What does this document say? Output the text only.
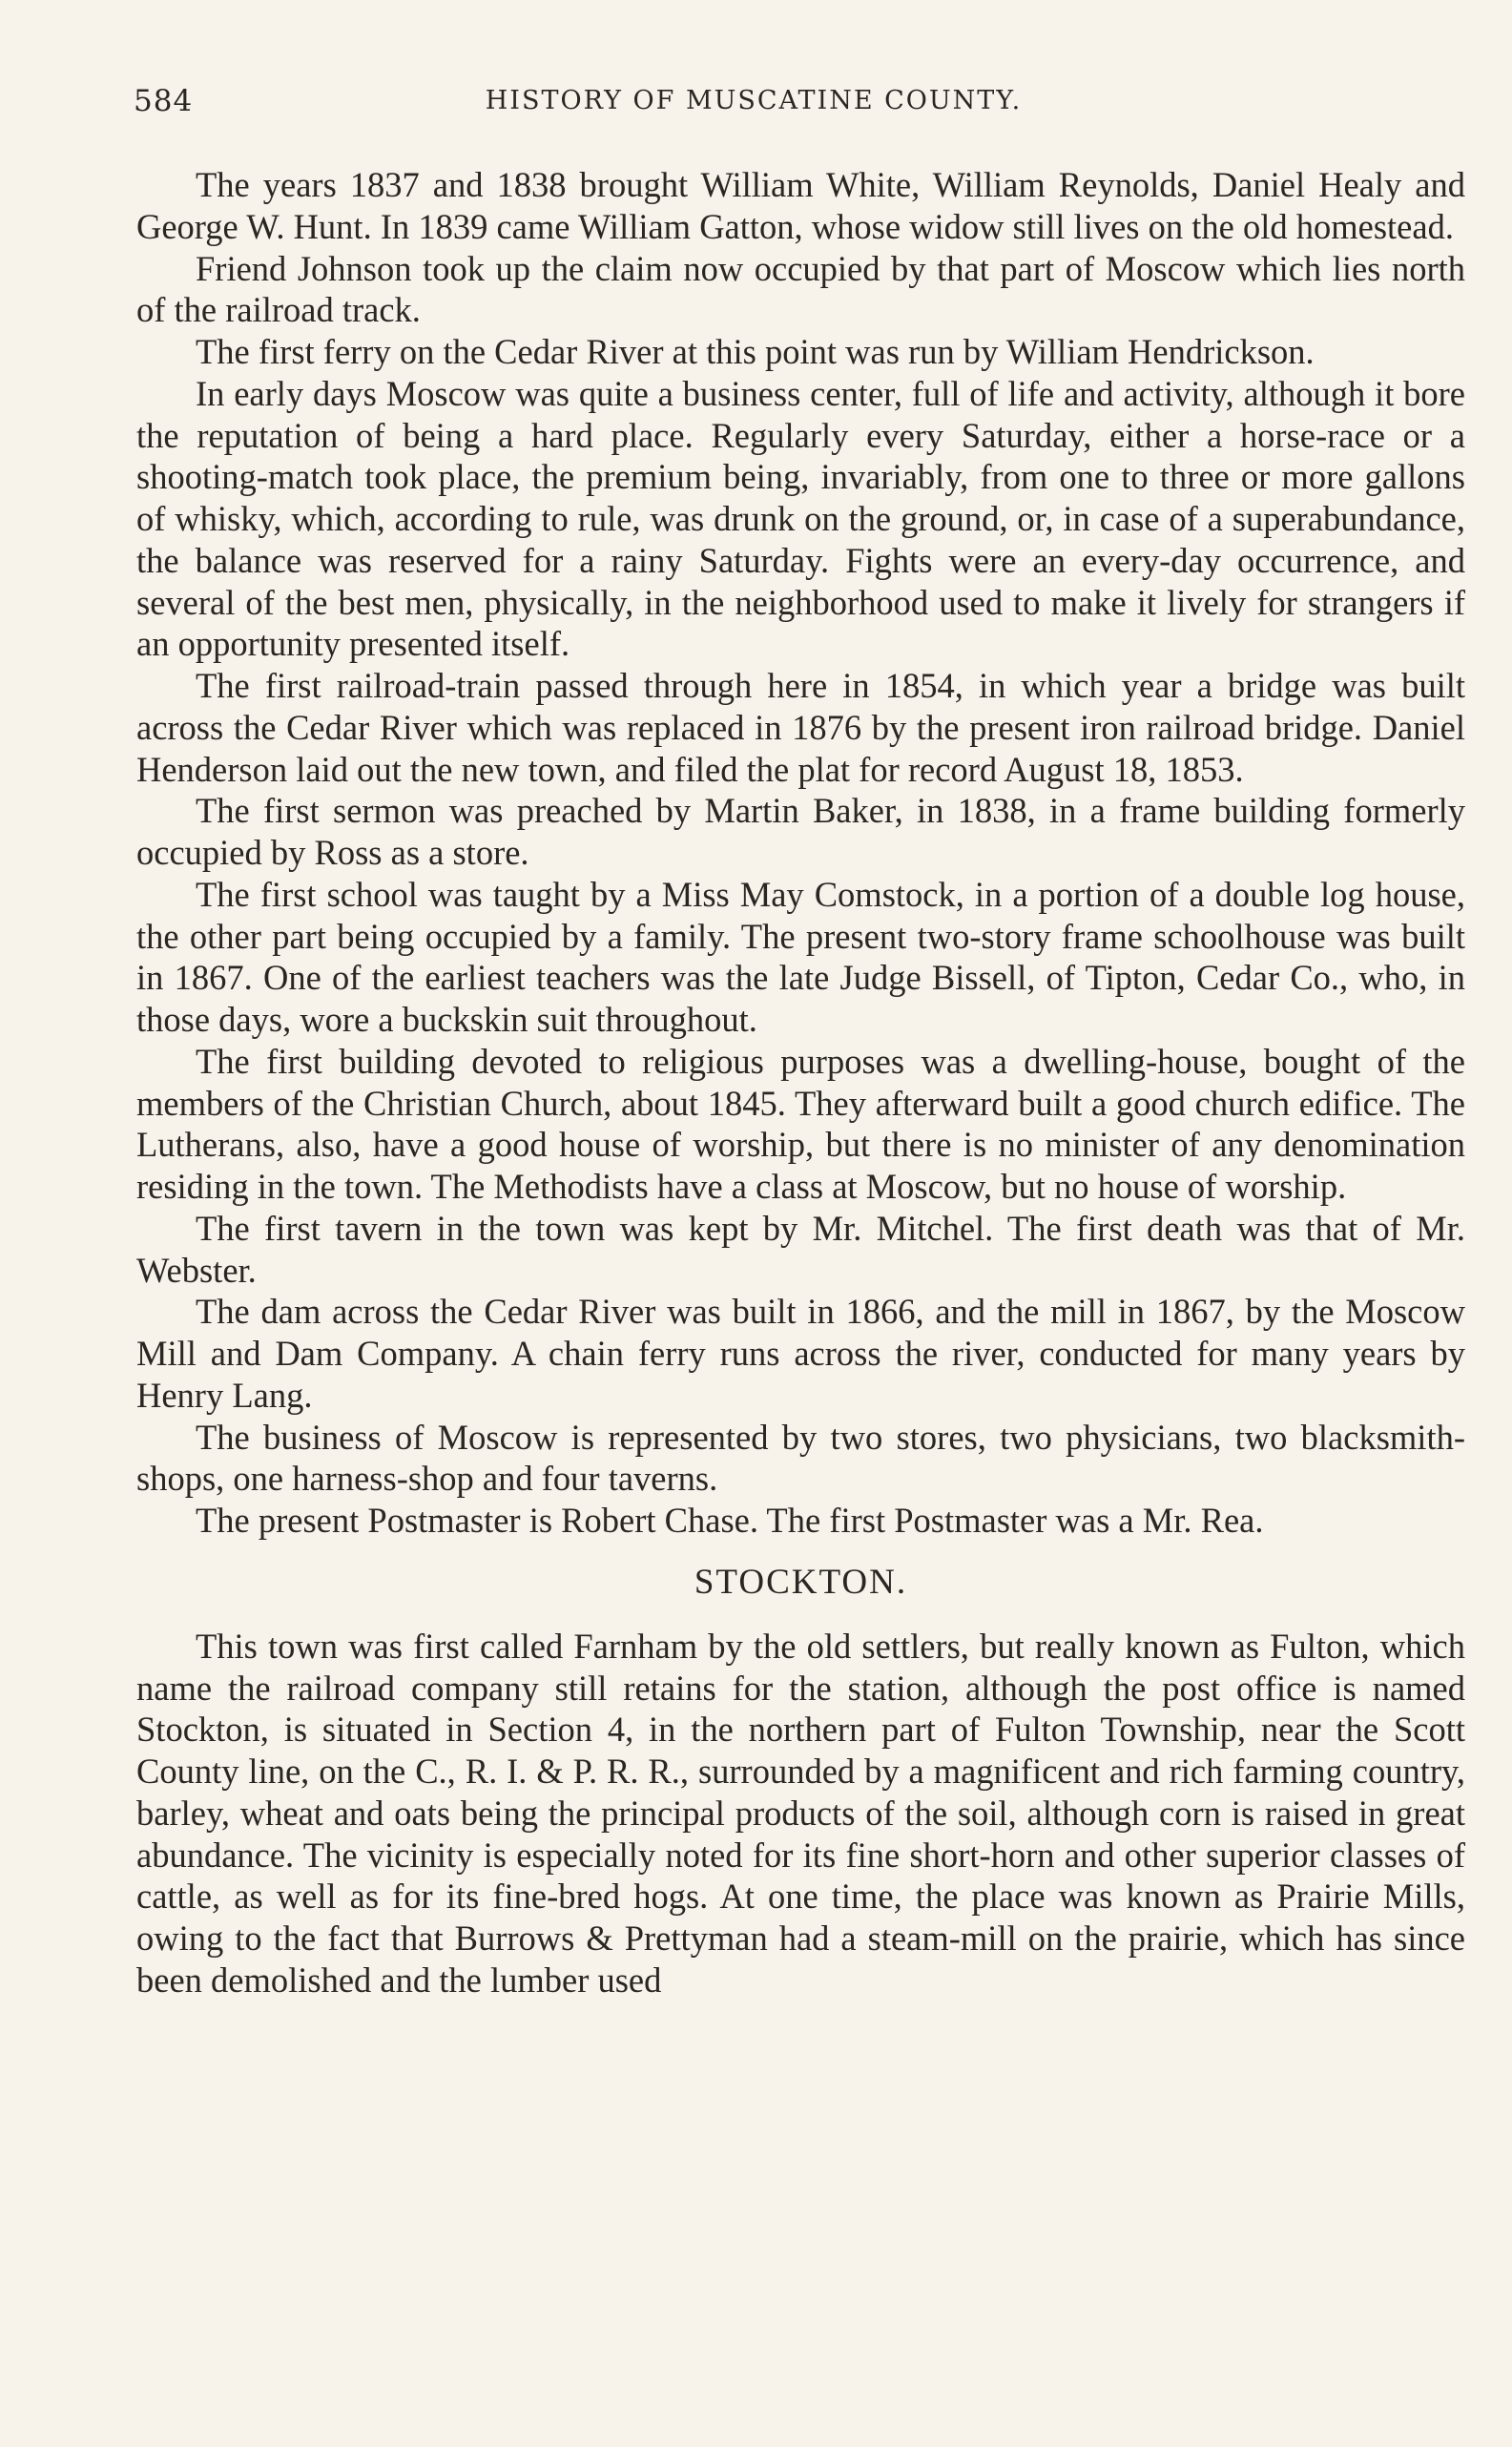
584	HISTORY OF MUSCATINE COUNTY.

The years 1837 and 1838 brought William White, William Reynolds, Daniel Healy and George W. Hunt. In 1839 came William Gatton, whose widow still lives on the old homestead.

Friend Johnson took up the claim now occupied by that part of Moscow which lies north of the railroad track.

The first ferry on the Cedar River at this point was run by William Hendrickson.

In early days Moscow was quite a business center, full of life and activity, although it bore the reputation of being a hard place. Regularly every Saturday, either a horse-race or a shooting-match took place, the premium being, invariably, from one to three or more gallons of whisky, which, according to rule, was drunk on the ground, or, in case of a superabundance, the balance was reserved for a rainy Saturday. Fights were an every-day occurrence, and several of the best men, physically, in the neighborhood used to make it lively for strangers if an opportunity presented itself.

The first railroad-train passed through here in 1854, in which year a bridge was built across the Cedar River which was replaced in 1876 by the present iron railroad bridge. Daniel Henderson laid out the new town, and filed the plat for record August 18, 1853.

The first sermon was preached by Martin Baker, in 1838, in a frame building formerly occupied by Ross as a store.

The first school was taught by a Miss May Comstock, in a portion of a double log house, the other part being occupied by a family. The present two-story frame schoolhouse was built in 1867. One of the earliest teachers was the late Judge Bissell, of Tipton, Cedar Co., who, in those days, wore a buckskin suit throughout.

The first building devoted to religious purposes was a dwelling-house, bought of the members of the Christian Church, about 1845. They afterward built a good church edifice. The Lutherans, also, have a good house of worship, but there is no minister of any denomination residing in the town. The Methodists have a class at Moscow, but no house of worship.

The first tavern in the town was kept by Mr. Mitchel. The first death was that of Mr. Webster.

The dam across the Cedar River was built in 1866, and the mill in 1867, by the Moscow Mill and Dam Company. A chain ferry runs across the river, conducted for many years by Henry Lang.

The business of Moscow is represented by two stores, two physicians, two blacksmith-shops, one harness-shop and four taverns.

The present Postmaster is Robert Chase. The first Postmaster was a Mr. Rea.

STOCKTON.

This town was first called Farnham by the old settlers, but really known as Fulton, which name the railroad company still retains for the station, although the post office is named Stockton, is situated in Section 4, in the northern part of Fulton Township, near the Scott County line, on the C., R. I. & P. R. R., surrounded by a magnificent and rich farming country, barley, wheat and oats being the principal products of the soil, although corn is raised in great abundance. The vicinity is especially noted for its fine short-horn and other superior classes of cattle, as well as for its fine-bred hogs. At one time, the place was known as Prairie Mills, owing to the fact that Burrows & Prettyman had a steam-mill on the prairie, which has since been demolished and the lumber used
